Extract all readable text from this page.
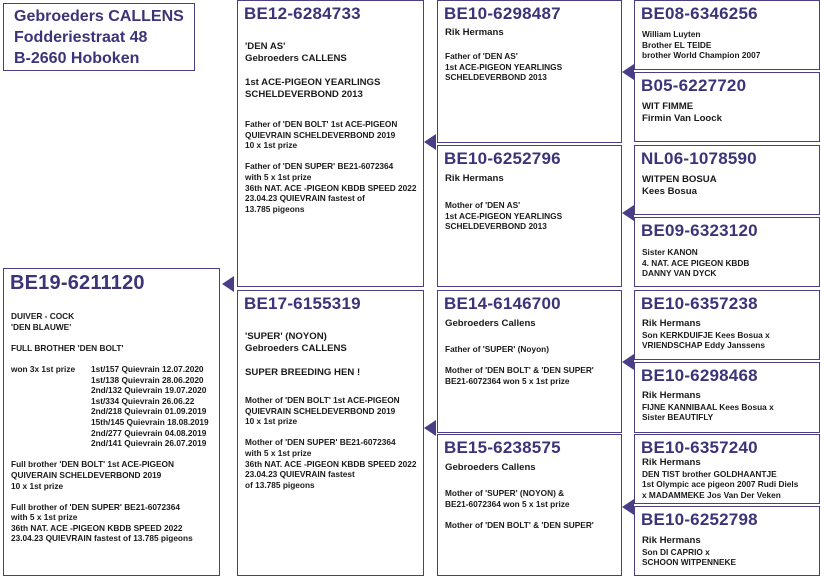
Gebroeders CALLENS
Fodderiestraat 48
B-2660 Hoboken
BE19-6211120
DUIVER - COCK
'DEN BLAUWE'
FULL BROTHER 'DEN BOLT'
won 3x 1st prize	1st/157 Quievrain 12.07.2020
1st/138 Quievrain 28.06.2020
2nd/132 Quievrain 19.07.2020
1st/334 Quievrain 26.06.22
2nd/218 Quievrain 01.09.2019
15th/145 Quievrain 18.08.2019
2nd/277 Quievrain 04.08.2019
2nd/141 Quievrain 26.07.2019
Full brother 'DEN BOLT' 1st ACE-PIGEON
QUIVERAIN SCHELDEVERBOND 2019
10 x 1st prize
Full brother of 'DEN SUPER' BE21-6072364
with 5 x 1st prize
36th NAT. ACE -PIGEON KBDB SPEED 2022
23.04.23 QUIEVRAIN fastest of 13.785 pigeons
BE12-6284733
'DEN AS'
Gebroeders CALLENS
1st ACE-PIGEON YEARLINGS
SCHELDEVERBOND 2013
Father of 'DEN BOLT' 1st ACE-PIGEON
QUIEVRAIN SCHELDEVERBOND 2019
10 x 1st prize
Father of 'DEN SUPER' BE21-6072364
with 5 x 1st prize
36th NAT. ACE -PIGEON KBDB SPEED 2022
23.04.23 QUIEVRAIN fastest of
13.785 pigeons
BE17-6155319
'SUPER' (NOYON)
Gebroeders CALLENS
SUPER BREEDING HEN !
Mother of 'DEN BOLT' 1st ACE-PIGEON
QUIEVRAIN SCHELDEVERBOND 2019
10 x 1st prize
Mother of 'DEN SUPER' BE21-6072364
with 5 x 1st prize
36th NAT. ACE -PIGEON KBDB SPEED 2022
23.04.23 QUIEVRAIN fastest
of 13.785 pigeons
BE10-6298487
Rik Hermans
Father of 'DEN AS'
1st ACE-PIGEON YEARLINGS
SCHELDEVERBOND 2013
BE10-6252796
Rik Hermans
Mother of 'DEN AS'
1st ACE-PIGEON YEARLINGS
SCHELDEVERBOND 2013
BE14-6146700
Gebroeders Callens
Father of 'SUPER' (Noyon)
Mother of 'DEN BOLT' & 'DEN SUPER'
BE21-6072364 won 5 x 1st prize
BE15-6238575
Gebroeders Callens
Mother of 'SUPER' (NOYON) &
BE21-6072364 won 5 x 1st prize
Mother of 'DEN BOLT' & 'DEN SUPER'
BE08-6346256
William Luyten
Brother EL TEIDE
brother World Champion 2007
B05-6227720
WIT FIMME
Firmin Van Loock
NL06-1078590
WITPEN BOSUA
Kees Bosua
BE09-6323120
Sister KANON
4. NAT. ACE PIGEON KBDB
DANNY VAN DYCK
BE10-6357238
Rik Hermans
Son KERKDUIFJE Kees Bosua x
VRIENDSCHAP Eddy Janssens
BE10-6298468
Rik Hermans
FIJNE KANNIBAAL Kees Bosua x
Sister BEAUTIFLY
BE10-6357240
Rik Hermans
DEN TIST brother GOLDHAANTJE
1st Olympic ace pigeon 2007 Rudi Diels
x MADAMMEKE Jos Van Der Veken
BE10-6252798
Rik Hermans
Son DI CAPRIO x
SCHOON WITPENNEKE
